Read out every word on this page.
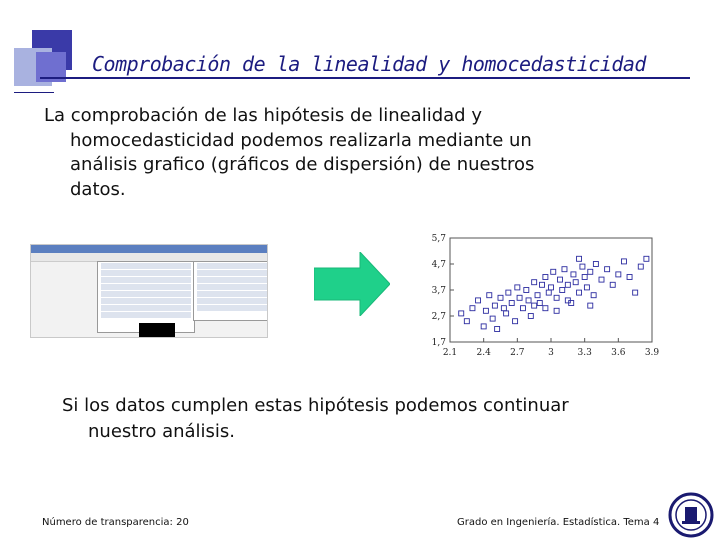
Comprobación de la linealidad y homocedasticidad

La comprobación de las hipótesis de linealidad y
homocedasticidad podemos realizarla mediante un
análisis grafico (gráficos de dispersión) de nuestros
datos.

5,7
4,7
3,7
2,7
1,7
2.1 2.4 2.7	3	3.3 3.6 3.9

Si los datos cumplen estas hipótesis podemos continuar
nuestro análisis.

Número de transparencia: 20	Grado en Ingeniería. Estadística. Tema 4
